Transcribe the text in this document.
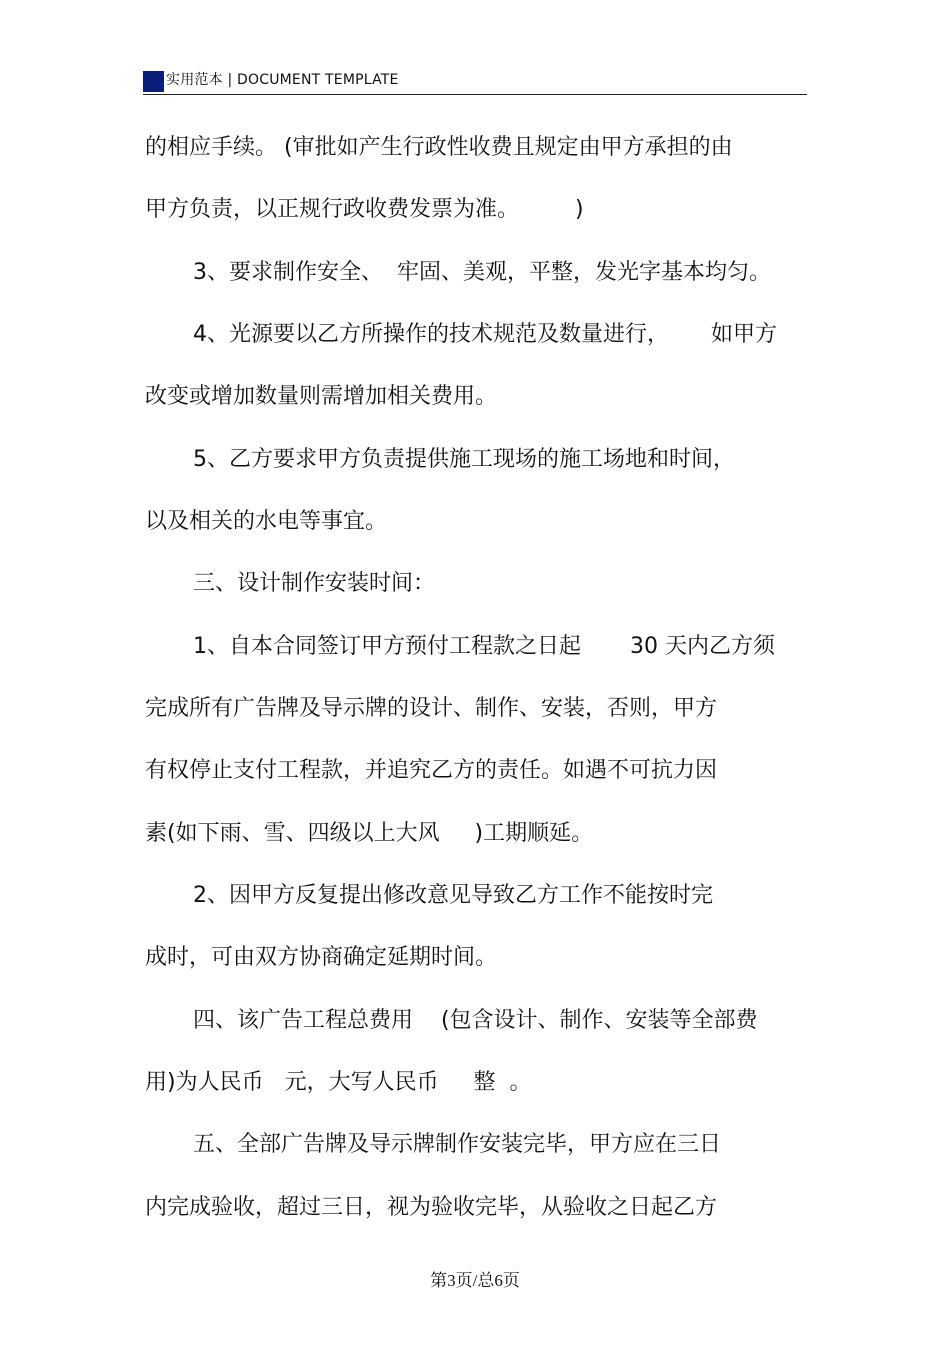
实用范本 | DOCUMENT TEMPLATE
的相应手续。 (审批如产生行政性收费且规定由甲方承担的由
甲方负责，以正规行政收费发票为准。        )
3、要求制作安全、  牢固、美观，平整，发光字基本均匀。
4、光源要以乙方所操作的技术规范及数量进行，      如甲方
改变或增加数量则需增加相关费用。
5、乙方要求甲方负责提供施工现场的施工场地和时间，
以及相关的水电等事宜。
三、设计制作安装时间：
1、自本合同签订甲方预付工程款之日起       30 天内乙方须
完成所有广告牌及导示牌的设计、制作、安装，否则，甲方
有权停止支付工程款，并追究乙方的责任。如遇不可抗力因
素(如下雨、雪、四级以上大风     )工期顺延。
2、因甲方反复提出修改意见导致乙方工作不能按时完
成时，可由双方协商确定延期时间。
四、该广告工程总费用    (包含设计、制作、安装等全部费
用)为人民币   元，大写人民币     整  。
五、全部广告牌及导示牌制作安装完毕，甲方应在三日
内完成验收，超过三日，视为验收完毕，从验收之日起乙方
第3页/总6页
